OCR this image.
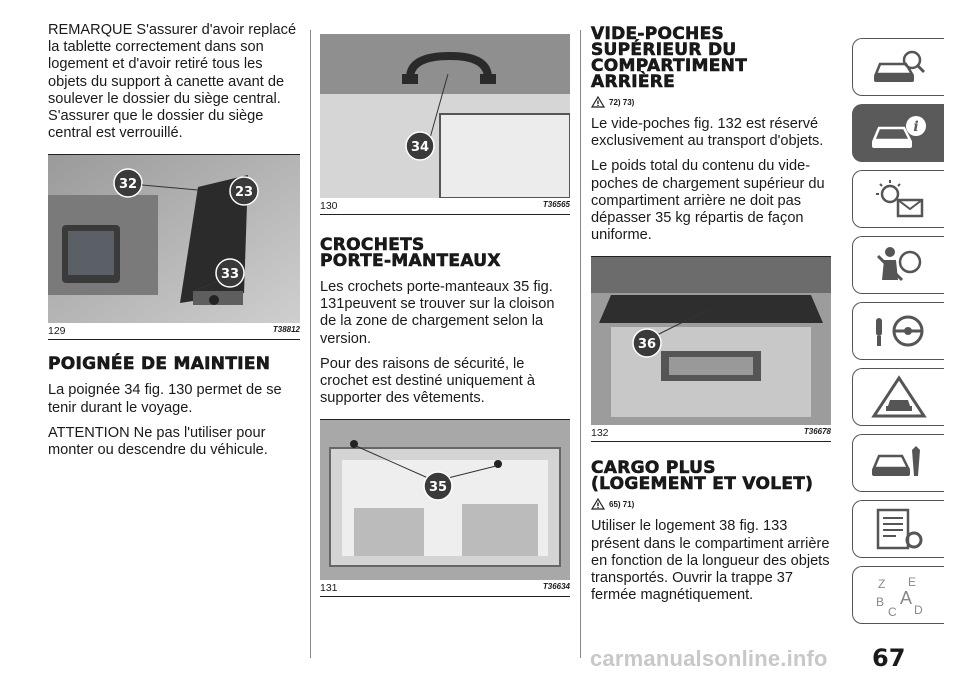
REMARQUE S'assurer d'avoir replacé la tablette correctement dans son logement et d'avoir retiré tous les objets du support à canette avant de soulever le dossier du siège central. S'assurer que le dossier du siège central est verrouillé.

32
23
33
129	T38812
POIGNÉE DE MAINTIEN

La poignée 34 fig. 130 permet de se tenir durant le voyage.

ATTENTION Ne pas l'utiliser pour monter ou descendre du véhicule.

34
130	T36565
CROCHETS
PORTE-MANTEAUX

Les crochets porte-manteaux 35 fig. 131peuvent se trouver sur la cloison de la zone de chargement selon la version.

Pour des raisons de sécurité, le crochet est destiné uniquement à supporter des vêtements.

35
131	T36634
VIDE-POCHES
SUPÉRIEUR DU
COMPARTIMENT
ARRIÈRE
72) 73)

Le vide-poches fig. 132 est réservé exclusivement au transport d'objets.

Le poids total du contenu du vide-poches de chargement supérieur du compartiment arrière ne doit pas dépasser 35 kg répartis de façon uniforme.

36
132	T36678
CARGO PLUS
(LOGEMENT ET VOLET)
65) 71)

Utiliser le logement 38 fig. 133 présent dans le compartiment arrière en fonction de la longueur des objets transportés. Ouvrir la trappe 37 fermée magnétiquement.

i
Z E
B A
C D
carmanualsonline.info 67
